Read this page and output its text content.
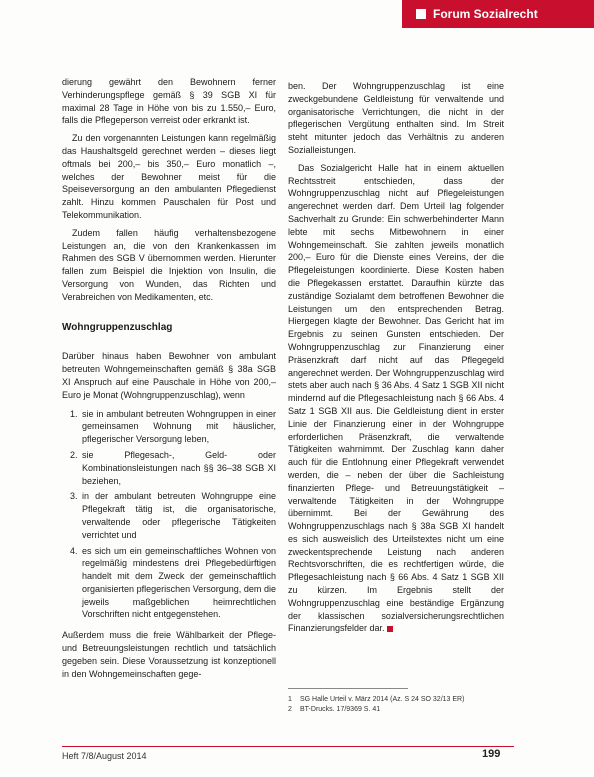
Forum Sozialrecht

dierung gewährt den Bewohnern ferner Verhinderungspflege gemäß § 39 SGB XI für maximal 28 Tage in Höhe von bis zu 1.550,– Euro, falls die Pflegeperson verreist oder erkrankt ist.

Zu den vorgenannten Leistungen kann regelmäßig das Haushaltsgeld gerechnet werden – dieses liegt oftmals bei 200,– bis 350,– Euro monatlich –, welches der Bewohner meist für die Speiseversorgung an den ambulanten Pflegedienst zahlt. Hinzu kommen Pauschalen für Post und Telekommunikation.

Zudem fallen häufig verhaltensbezogene Leistungen an, die von den Krankenkassen im Rahmen des SGB V übernommen werden. Hierunter fallen zum Beispiel die Injektion von Insulin, die Versorgung von Wunden, das Richten und Verabreichen von Medikamenten, etc.

Wohngruppenzuschlag

Darüber hinaus haben Bewohner von ambulant betreuten Wohngemeinschaften gemäß § 38a SGB XI Anspruch auf eine Pauschale in Höhe von 200,– Euro je Monat (Wohngruppenzuschlag), wenn

1. sie in ambulant betreuten Wohngruppen in einer gemeinsamen Wohnung mit häuslicher, pflegerischer Versorgung leben,
2. sie Pflegesach-, Geld- oder Kombinationsleistungen nach §§ 36–38 SGB XI beziehen,
3. in der ambulant betreuten Wohngruppe eine Pflegekraft tätig ist, die organisatorische, verwaltende oder pflegerische Tätigkeiten verrichtet und
4. es sich um ein gemeinschaftliches Wohnen von regelmäßig mindestens drei Pflegebedürftigen handelt mit dem Zweck der gemeinschaftlich organisierten pflegerischen Versorgung, dem die jeweils maßgeblichen heimrechtlichen Vorschriften nicht entgegenstehen.

Außerdem muss die freie Wählbarkeit der Pflege- und Betreuungsleistungen rechtlich und tatsächlich gegeben sein. Diese Voraussetzung ist konzeptionell in den Wohngemeinschaften gege-

ben. Der Wohngruppenzuschlag ist eine zweckgebundene Geldleistung für verwaltende und organisatorische Verrichtungen, die nicht in der pflegerischen Vergütung enthalten sind. Im Streit steht mitunter jedoch das Verhältnis zu anderen Sozialleistungen.

Das Sozialgericht Halle hat in einem aktuellen Rechtsstreit entschieden, dass der Wohngruppenzuschlag nicht auf Pflegeleistungen angerechnet werden darf. Dem Urteil lag folgender Sachverhalt zu Grunde: Ein schwerbehinderter Mann lebte mit sechs Mitbewohnern in einer Wohngemeinschaft. Sie zahlten jeweils monatlich 200,– Euro für die Dienste eines Vereins, der die Pflegeleistungen koordinierte. Diese Kosten haben die Pflegekassen erstattet. Daraufhin kürzte das zuständige Sozialamt dem betroffenen Bewohner die Leistungen um den entsprechenden Betrag. Hiergegen klagte der Bewohner. Das Gericht hat im Ergebnis zu seinen Gunsten entschieden. Der Wohngruppenzuschlag zur Finanzierung einer Präsenzkraft darf nicht auf das Pflegegeld angerechnet werden. Der Wohngruppenzuschlag wird stets aber auch nach § 36 Abs. 4 Satz 1 SGB XII nicht mindernd auf die Pflegesachleistung nach § 66 Abs. 4 Satz 1 SGB XII aus. Die Geldleistung dient in erster Linie der Finanzierung einer in der Wohngruppe erforderlichen Präsenzkraft, die verwaltende Tätigkeiten wahrnimmt. Der Zuschlag kann daher auch für die Entlohnung einer Pflegekraft verwendet werden, die – neben der über die Sachleistung finanzierten Pflege- und Betreuungstätigkeit – verwaltende Tätigkeiten in der Wohngruppe übernimmt. Bei der Gewährung des Wohngruppenzuschlags nach § 38a SGB XI handelt es sich ausweislich des Urteilstextes nicht um eine zweckentsprechende Leistung nach anderen Rechtsvorschriften, die es rechtfertigen würde, die Pflegesachleistung nach § 66 Abs. 4 Satz 1 SGB XII zu kürzen. Im Ergebnis stellt der Wohngruppenzuschlag eine beständige Ergänzung der klassischen sozialversicherungsrechtlichen Finanzierungsfelder dar.

1	SG Halle Urteil v. März 2014 (Az. S 24 SO 32/13 ER)
2	BT-Drucks. 17/9369 S. 41
Heft 7/8/August 2014	199
